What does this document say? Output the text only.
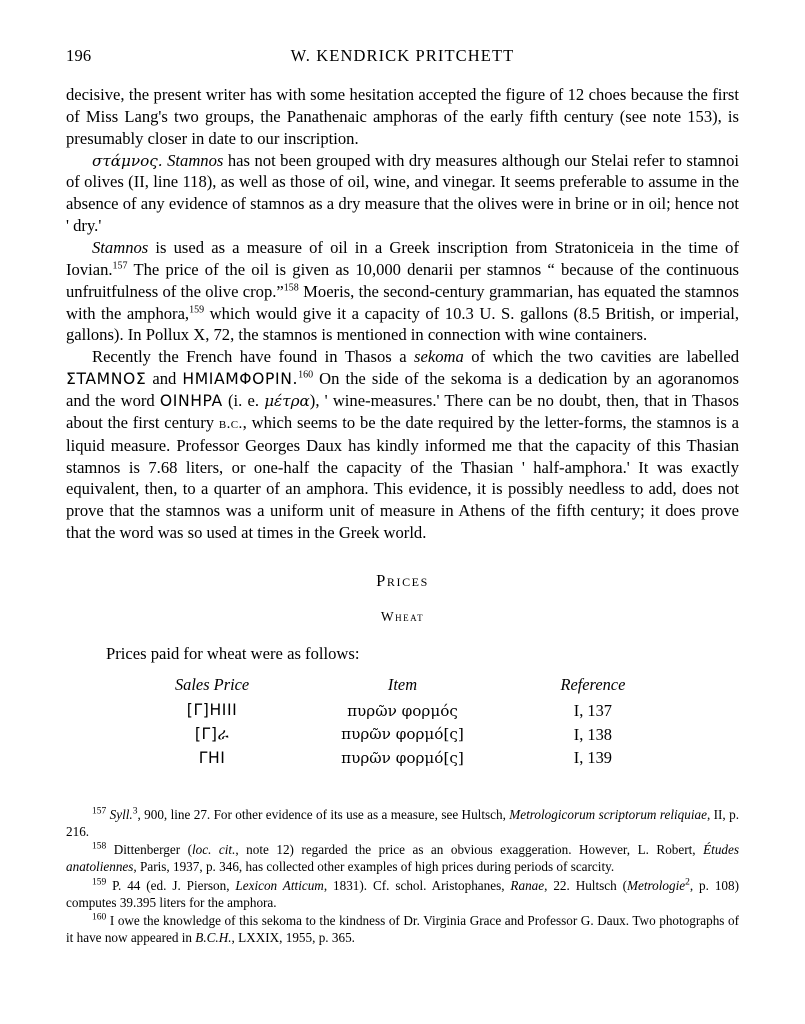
196	W. KENDRICK PRITCHETT

decisive, the present writer has with some hesitation accepted the figure of 12 choes because the first of Miss Lang's two groups, the Panathenaic amphoras of the early fifth century (see note 153), is presumably closer in date to our inscription.

στάμνος. Stamnos has not been grouped with dry measures although our Stelai refer to stamnoi of olives (II, line 118), as well as those of oil, wine, and vinegar. It seems preferable to assume in the absence of any evidence of stamnos as a dry measure that the olives were in brine or in oil; hence not ' dry.'

Stamnos is used as a measure of oil in a Greek inscription from Stratoniceia in the time of Iovian.$^{157}$ The price of the oil is given as 10,000 denarii per stamnos “ because of the continuous unfruitfulness of the olive crop.”$^{158}$ Moeris, the second-century grammarian, has equated the stamnos with the amphora,$^{159}$ which would give it a capacity of 10.3 U. S. gallons (8.5 British, or imperial, gallons). In Pollux X, 72, the stamnos is mentioned in connection with wine containers.

Recently the French have found in Thasos a sekoma of which the two cavities are labelled ΣTAMNOΣ and HMIAMΦOPIN.$^{160}$ On the side of the sekoma is a dedication by an agoranomos and the word OINHPA (i. e. μέτρα), ' wine-measures.' There can be no doubt, then, that in Thasos about the first century b.c., which seems to be the date required by the letter-forms, the stamnos is a liquid measure. Professor Georges Daux has kindly informed me that the capacity of this Thasian stamnos is 7.68 liters, or one-half the capacity of the Thasian ' half-amphora.' It was exactly equivalent, then, to a quarter of an amphora. This evidence, it is possibly needless to add, does not prove that the stamnos was a uniform unit of measure in Athens of the fifth century; it does prove that the word was so used at times in the Greek world.

Prices
Wheat
Prices paid for wheat were as follows:
Sales Price	Item	Reference
[Γ]HIII	πυρῶν φορμός	I, 137
[Γ]ራ	πυρῶν φορμό[ς]	I, 138
ΓHI	πυρῶν φορμό[ς]	I, 139

$^{157}$ Syll.$^3$, 900, line 27. For other evidence of its use as a measure, see Hultsch, Metrologicorum scriptorum reliquiae, II, p. 216.

$^{158}$ Dittenberger (loc. cit., note 12) regarded the price as an obvious exaggeration. However, L. Robert, Études anatoliennes, Paris, 1937, p. 346, has collected other examples of high prices during periods of scarcity.

$^{159}$ P. 44 (ed. J. Pierson, Lexicon Atticum, 1831). Cf. schol. Aristophanes, Ranae, 22. Hultsch (Metrologie$^2$, p. 108) computes 39.395 liters for the amphora.

$^{160}$ I owe the knowledge of this sekoma to the kindness of Dr. Virginia Grace and Professor G. Daux. Two photographs of it have now appeared in B.C.H., LXXIX, 1955, p. 365.
